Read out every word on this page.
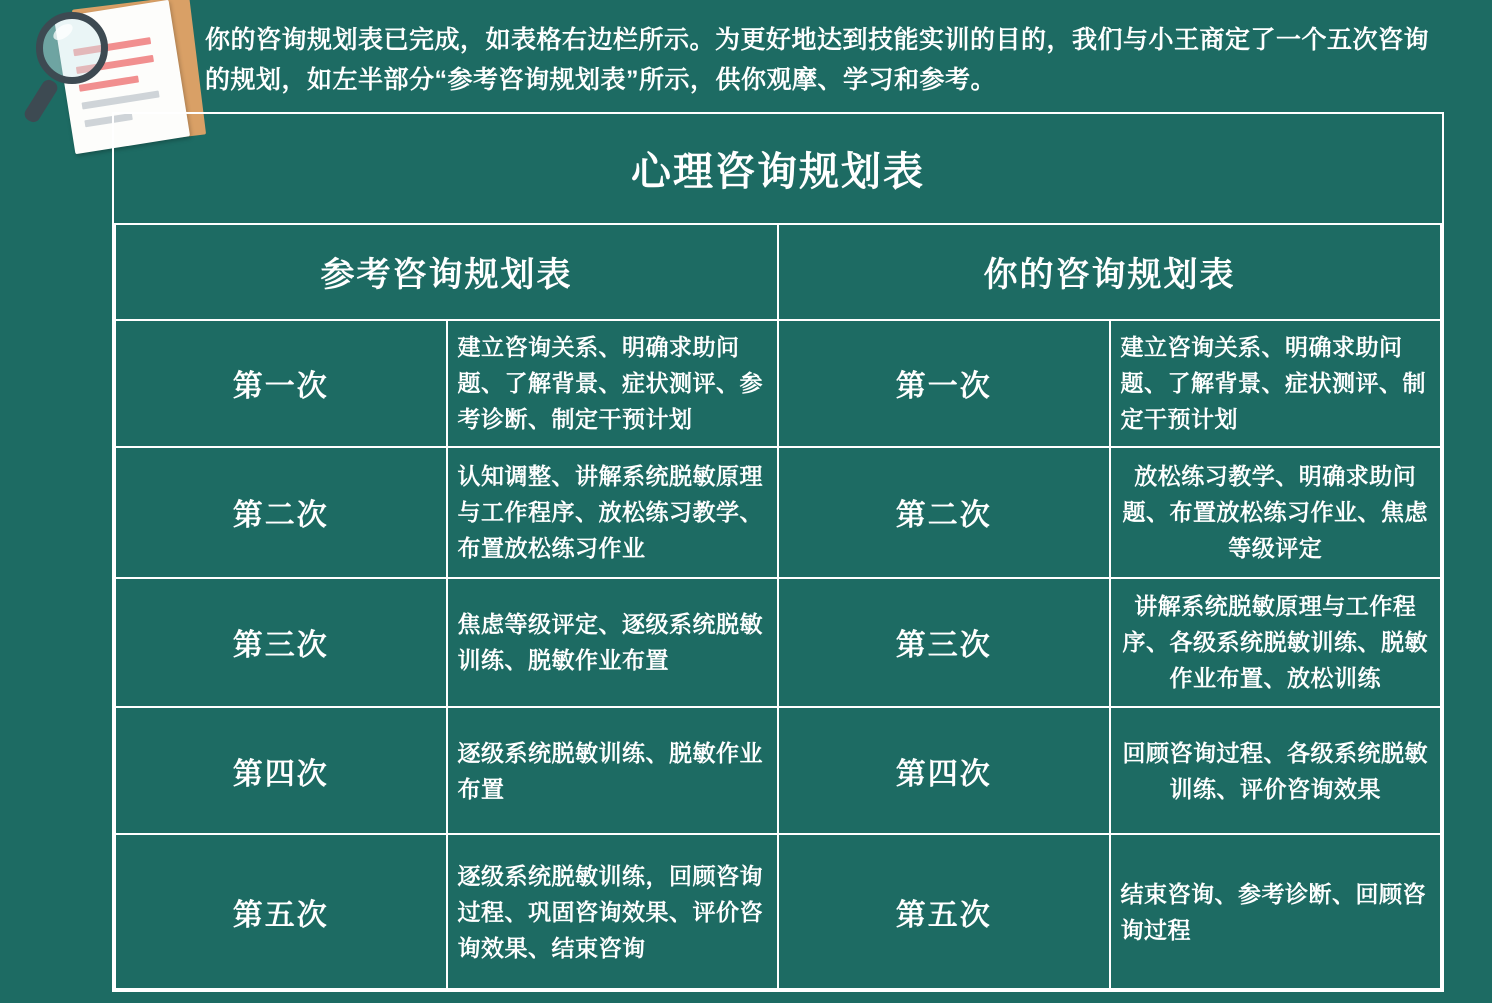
你的咨询规划表已完成，如表格右边栏所示。为更好地达到技能实训的目的，我们与小王商定了一个五次咨询的规划，如左半部分“参考咨询规划表”所示，供你观摩、学习和参考。
心理咨询规划表			
参考咨询规划表		你的咨询规划表	
第一次	建立咨询关系、明确求助问题、了解背景、症状测评、参考诊断、制定干预计划	第一次	建立咨询关系、明确求助问题、了解背景、症状测评、制定干预计划
第二次	认知调整、讲解系统脱敏原理与工作程序、放松练习教学、布置放松练习作业	第二次	放松练习教学、明确求助问题、布置放松练习作业、焦虑等级评定
第三次	焦虑等级评定、逐级系统脱敏训练、脱敏作业布置	第三次	讲解系统脱敏原理与工作程序、各级系统脱敏训练、脱敏作业布置、放松训练
第四次	逐级系统脱敏训练、脱敏作业布置	第四次	回顾咨询过程、各级系统脱敏训练、评价咨询效果
第五次	逐级系统脱敏训练，回顾咨询过程、巩固咨询效果、评价咨询效果、结束咨询	第五次	结束咨询、参考诊断、回顾咨询过程
